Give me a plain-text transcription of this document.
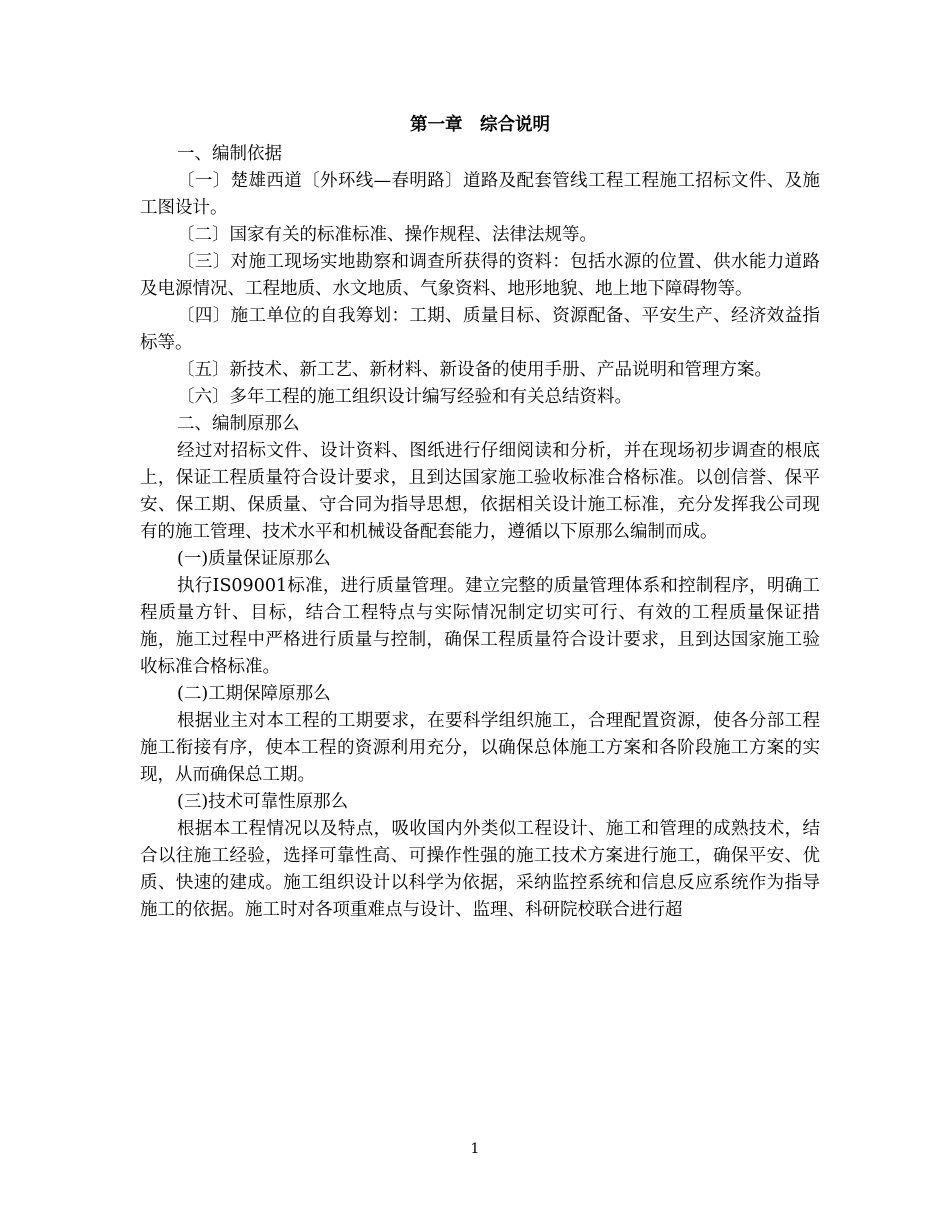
第一章　综合说明

一、编制依据

〔一〕楚雄西道〔外环线—春明路〕道路及配套管线工程工程施工招标文件、及施工图设计。

〔二〕国家有关的标准标准、操作规程、法律法规等。

〔三〕对施工现场实地勘察和调查所获得的资料：包括水源的位置、供水能力道路及电源情况、工程地质、水文地质、气象资料、地形地貌、地上地下障碍物等。

〔四〕施工单位的自我筹划：工期、质量目标、资源配备、平安生产、经济效益指标等。

〔五〕新技术、新工艺、新材料、新设备的使用手册、产品说明和管理方案。

〔六〕多年工程的施工组织设计编写经验和有关总结资料。

二、编制原那么

经过对招标文件、设计资料、图纸进行仔细阅读和分析，并在现场初步调查的根底上，保证工程质量符合设计要求，且到达国家施工验收标准合格标准。以创信誉、保平安、保工期、保质量、守合同为指导思想，依据相关设计施工标准，充分发挥我公司现有的施工管理、技术水平和机械设备配套能力，遵循以下原那么编制而成。

(一)质量保证原那么

执行IS09001标准，进行质量管理。建立完整的质量管理体系和控制程序，明确工程质量方针、目标，结合工程特点与实际情况制定切实可行、有效的工程质量保证措施，施工过程中严格进行质量与控制，确保工程质量符合设计要求，且到达国家施工验收标准合格标准。

(二)工期保障原那么

根据业主对本工程的工期要求，在要科学组织施工，合理配置资源，使各分部工程施工衔接有序，使本工程的资源利用充分，以确保总体施工方案和各阶段施工方案的实现，从而确保总工期。

(三)技术可靠性原那么

根据本工程情况以及特点，吸收国内外类似工程设计、施工和管理的成熟技术，结合以往施工经验，选择可靠性高、可操作性强的施工技术方案进行施工，确保平安、优质、快速的建成。施工组织设计以科学为依据，采纳监控系统和信息反应系统作为指导施工的依据。施工时对各项重难点与设计、监理、科研院校联合进行超

1
